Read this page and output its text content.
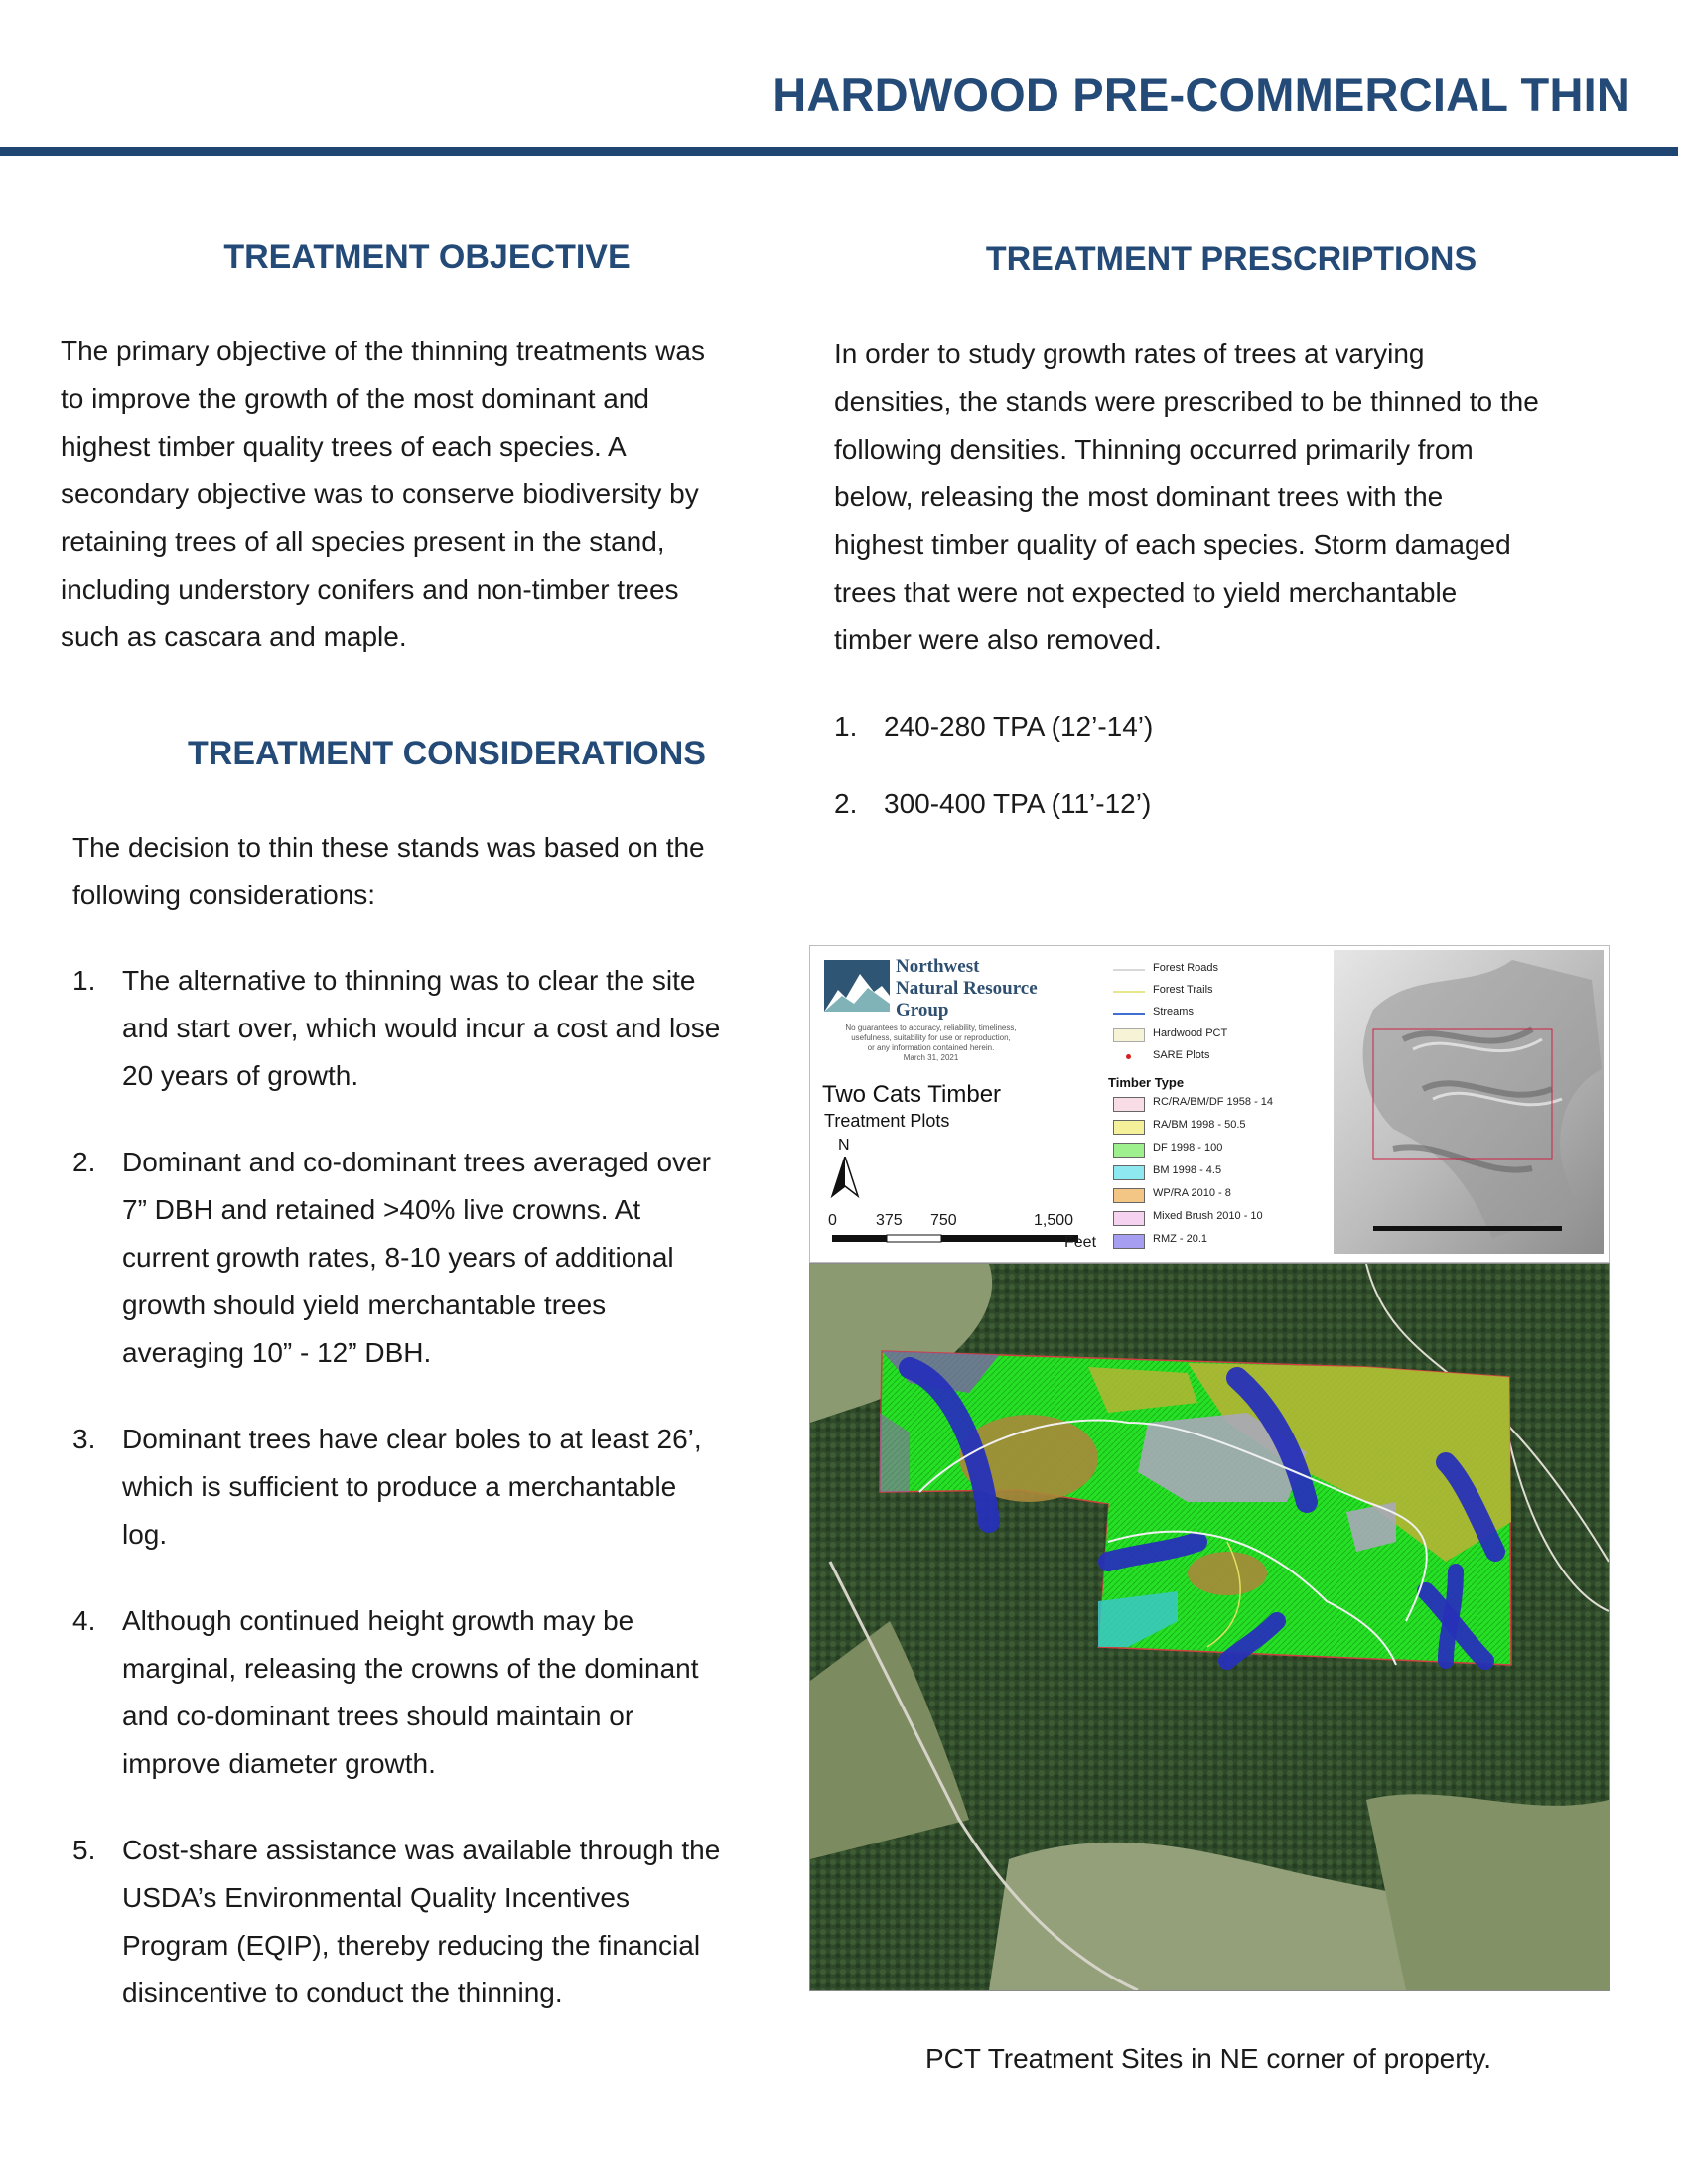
HARDWOOD PRE-COMMERCIAL THIN
TREATMENT OBJECTIVE
The primary objective of the thinning treatments was
to improve the growth of the most dominant and
highest timber quality trees of each species. A
secondary objective was to conserve biodiversity by
retaining trees of all species present in the stand,
including understory conifers and non-timber trees
such as cascara and maple.
TREATMENT CONSIDERATIONS
The decision to thin these stands was based on the
following considerations:
1. The alternative to thinning was to clear the site
and start over, which would incur a cost and lose
20 years of growth.
2. Dominant and co-dominant trees averaged over
7” DBH and retained >40% live crowns. At
current growth rates, 8-10 years of additional
growth should yield merchantable trees
averaging 10” - 12” DBH.
3. Dominant trees have clear boles to at least 26’,
which is sufficient to produce a merchantable
log.
4. Although continued height growth may be
marginal, releasing the crowns of the dominant
and co-dominant trees should maintain or
improve diameter growth.
5. Cost-share assistance was available through the
USDA’s Environmental Quality Incentives
Program (EQIP), thereby reducing the financial
disincentive to conduct the thinning.
TREATMENT PRESCRIPTIONS
In order to study growth rates of trees at varying
densities, the stands were prescribed to be thinned to the
following densities. Thinning occurred primarily from
below, releasing the most dominant trees with the
highest timber quality of each species. Storm damaged
trees that were not expected to yield merchantable
timber were also removed.
1. 240-280 TPA (12’-14’)
2. 300-400 TPA (11’-12’)
Northwest
Natural Resource
Group
No guarantees to accuracy, reliability, timeliness,
usefulness, suitability for use or reproduction,
or any information contained herein.
March 31, 2021
Two Cats Timber
Treatment Plots
N
0 375 750	1,500
Feet
Forest Roads
Forest Trails
Streams
Hardwood PCT
SARE Plots
Timber Type
RC/RA/BM/DF 1958 - 14
RA/BM 1998 - 50.5
DF 1998 - 100
BM 1998 - 4.5
WP/RA 2010 - 8
Mixed Brush 2010 - 10
RMZ - 20.1
PCT Treatment Sites in NE corner of property.
